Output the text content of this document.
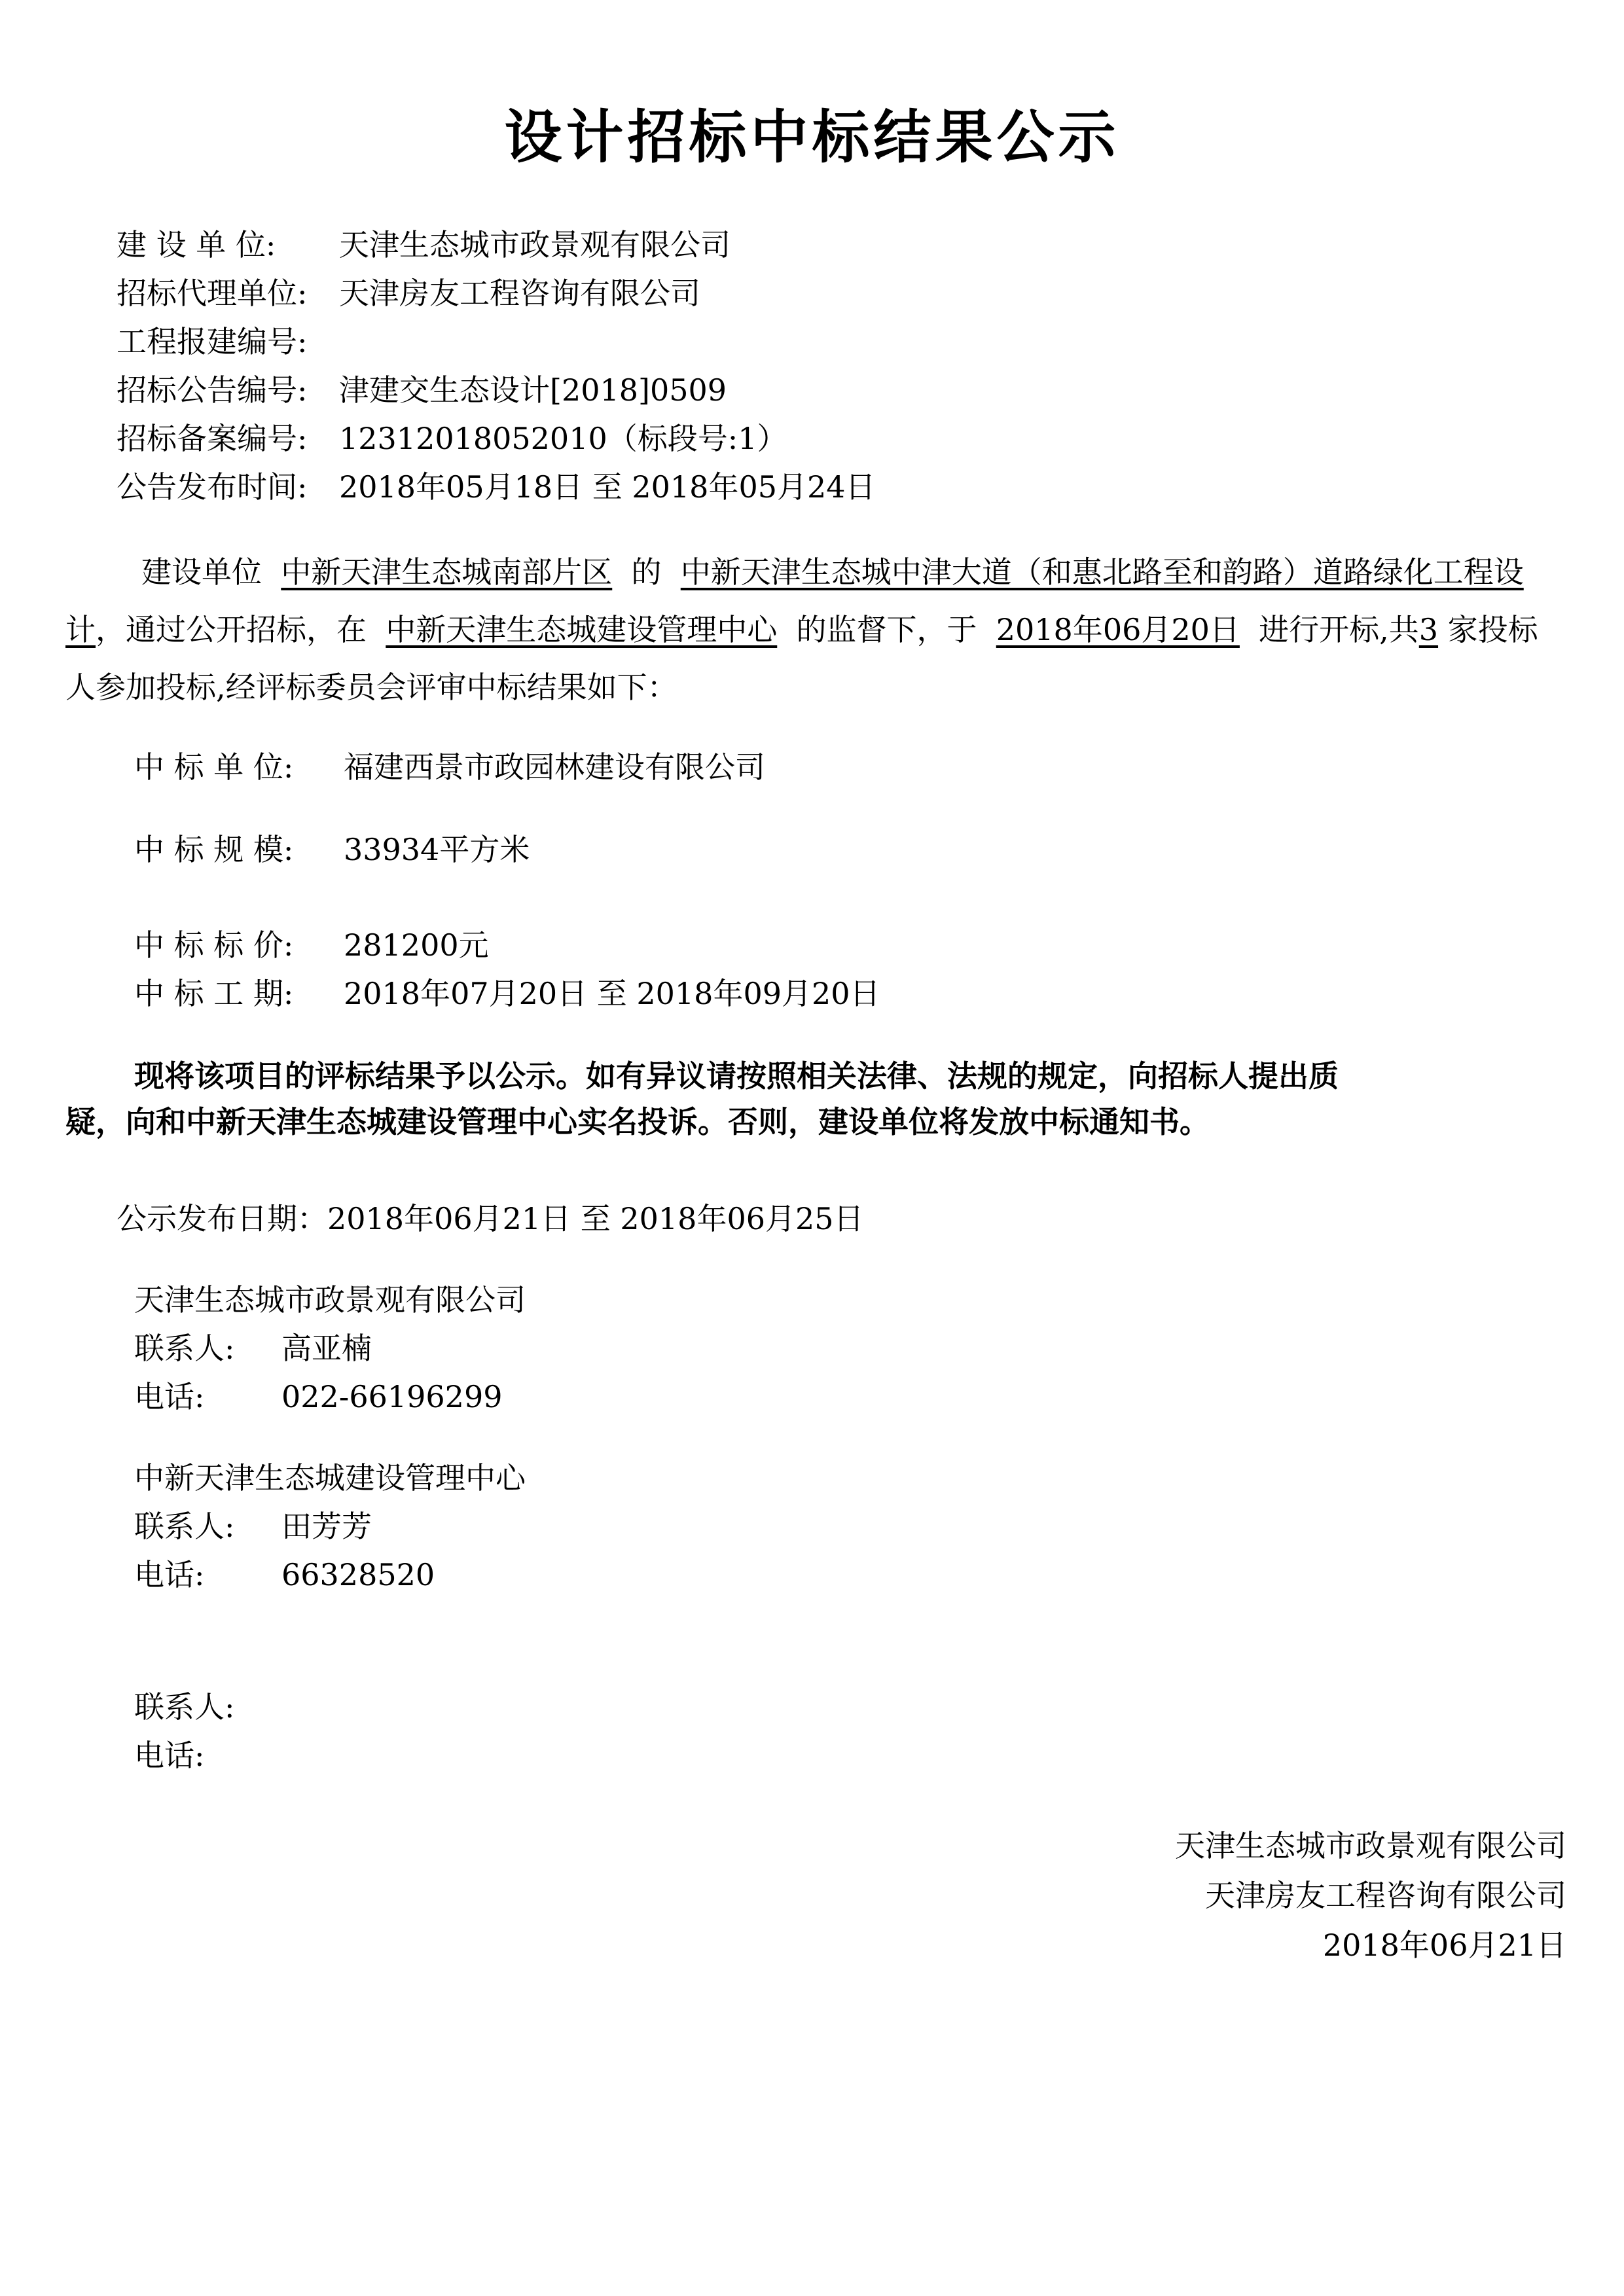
设计招标中标结果公示
建 设 单 位: 天津生态城市政景观有限公司
招标代理单位: 天津房友工程咨询有限公司
工程报建编号:
招标公告编号: 津建交生态设计[2018]0509
招标备案编号: 12312018052010（标段号:1）
公告发布时间: 2018年05月18日 至 2018年05月24日
建设单位 中新天津生态城南部片区 的 中新天津生态城中津大道（和惠北路至和韵路）道路绿化工程设计，通过公开招标，在 中新天津生态城建设管理中心 的监督下，于 2018年06月20日 进行开标,共3 家投标人参加投标,经评标委员会评审中标结果如下：
中 标 单 位: 福建西景市政园林建设有限公司
中 标 规 模: 33934平方米
中 标 标 价: 281200元
中 标 工 期: 2018年07月20日 至 2018年09月20日
现将该项目的评标结果予以公示。如有异议请按照相关法律、法规的规定，向招标人提出质
疑，向和中新天津生态城建设管理中心实名投诉。否则，建设单位将发放中标通知书。
公示发布日期：2018年06月21日 至 2018年06月25日
天津生态城市政景观有限公司
联系人: 高亚楠
电话:	022-66196299
中新天津生态城建设管理中心
联系人: 田芳芳
电话:	66328520
联系人:
电话:
天津生态城市政景观有限公司
天津房友工程咨询有限公司
2018年06月21日
